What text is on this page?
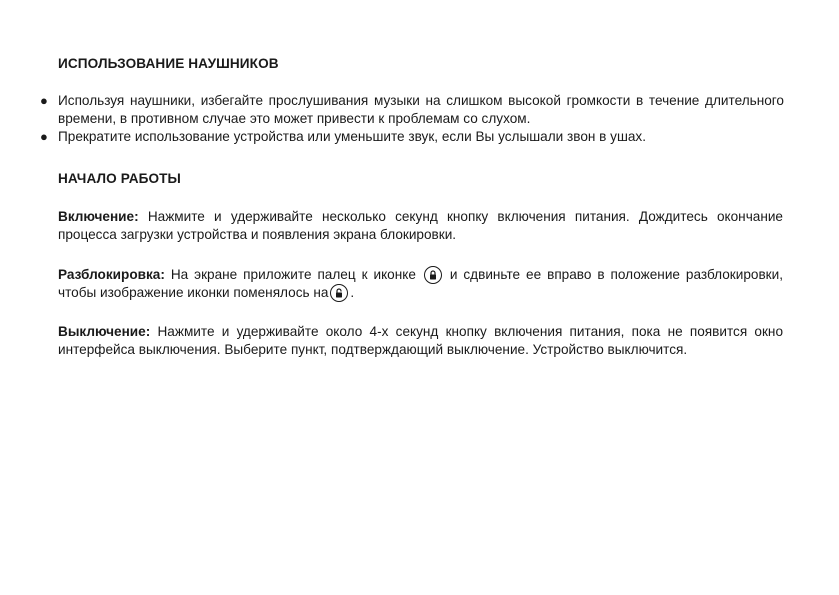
ИСПОЛЬЗОВАНИЕ НАУШНИКОВ
● Используя наушники, избегайте прослушивания музыки на слишком высокой громкости в течение длительного времени, в противном случае это может привести к проблемам со слухом.
● Прекратите использование устройства или уменьшите звук, если Вы услышали звон в ушах.
НАЧАЛО РАБОТЫ

Включение: Нажмите и удерживайте несколько секунд кнопку включения питания. Дождитесь окончание процесса загрузки устройства и появления экрана блокировки.

Разблокировка: На экране приложите палец к иконке и сдвиньте ее вправо в положение разблокировки, чтобы изображение иконки поменялось на .

Выключение: Нажмите и удерживайте около 4-х секунд кнопку включения питания, пока не появится окно интерфейса выключения. Выберите пункт, подтверждающий выключение. Устройство выключится.
